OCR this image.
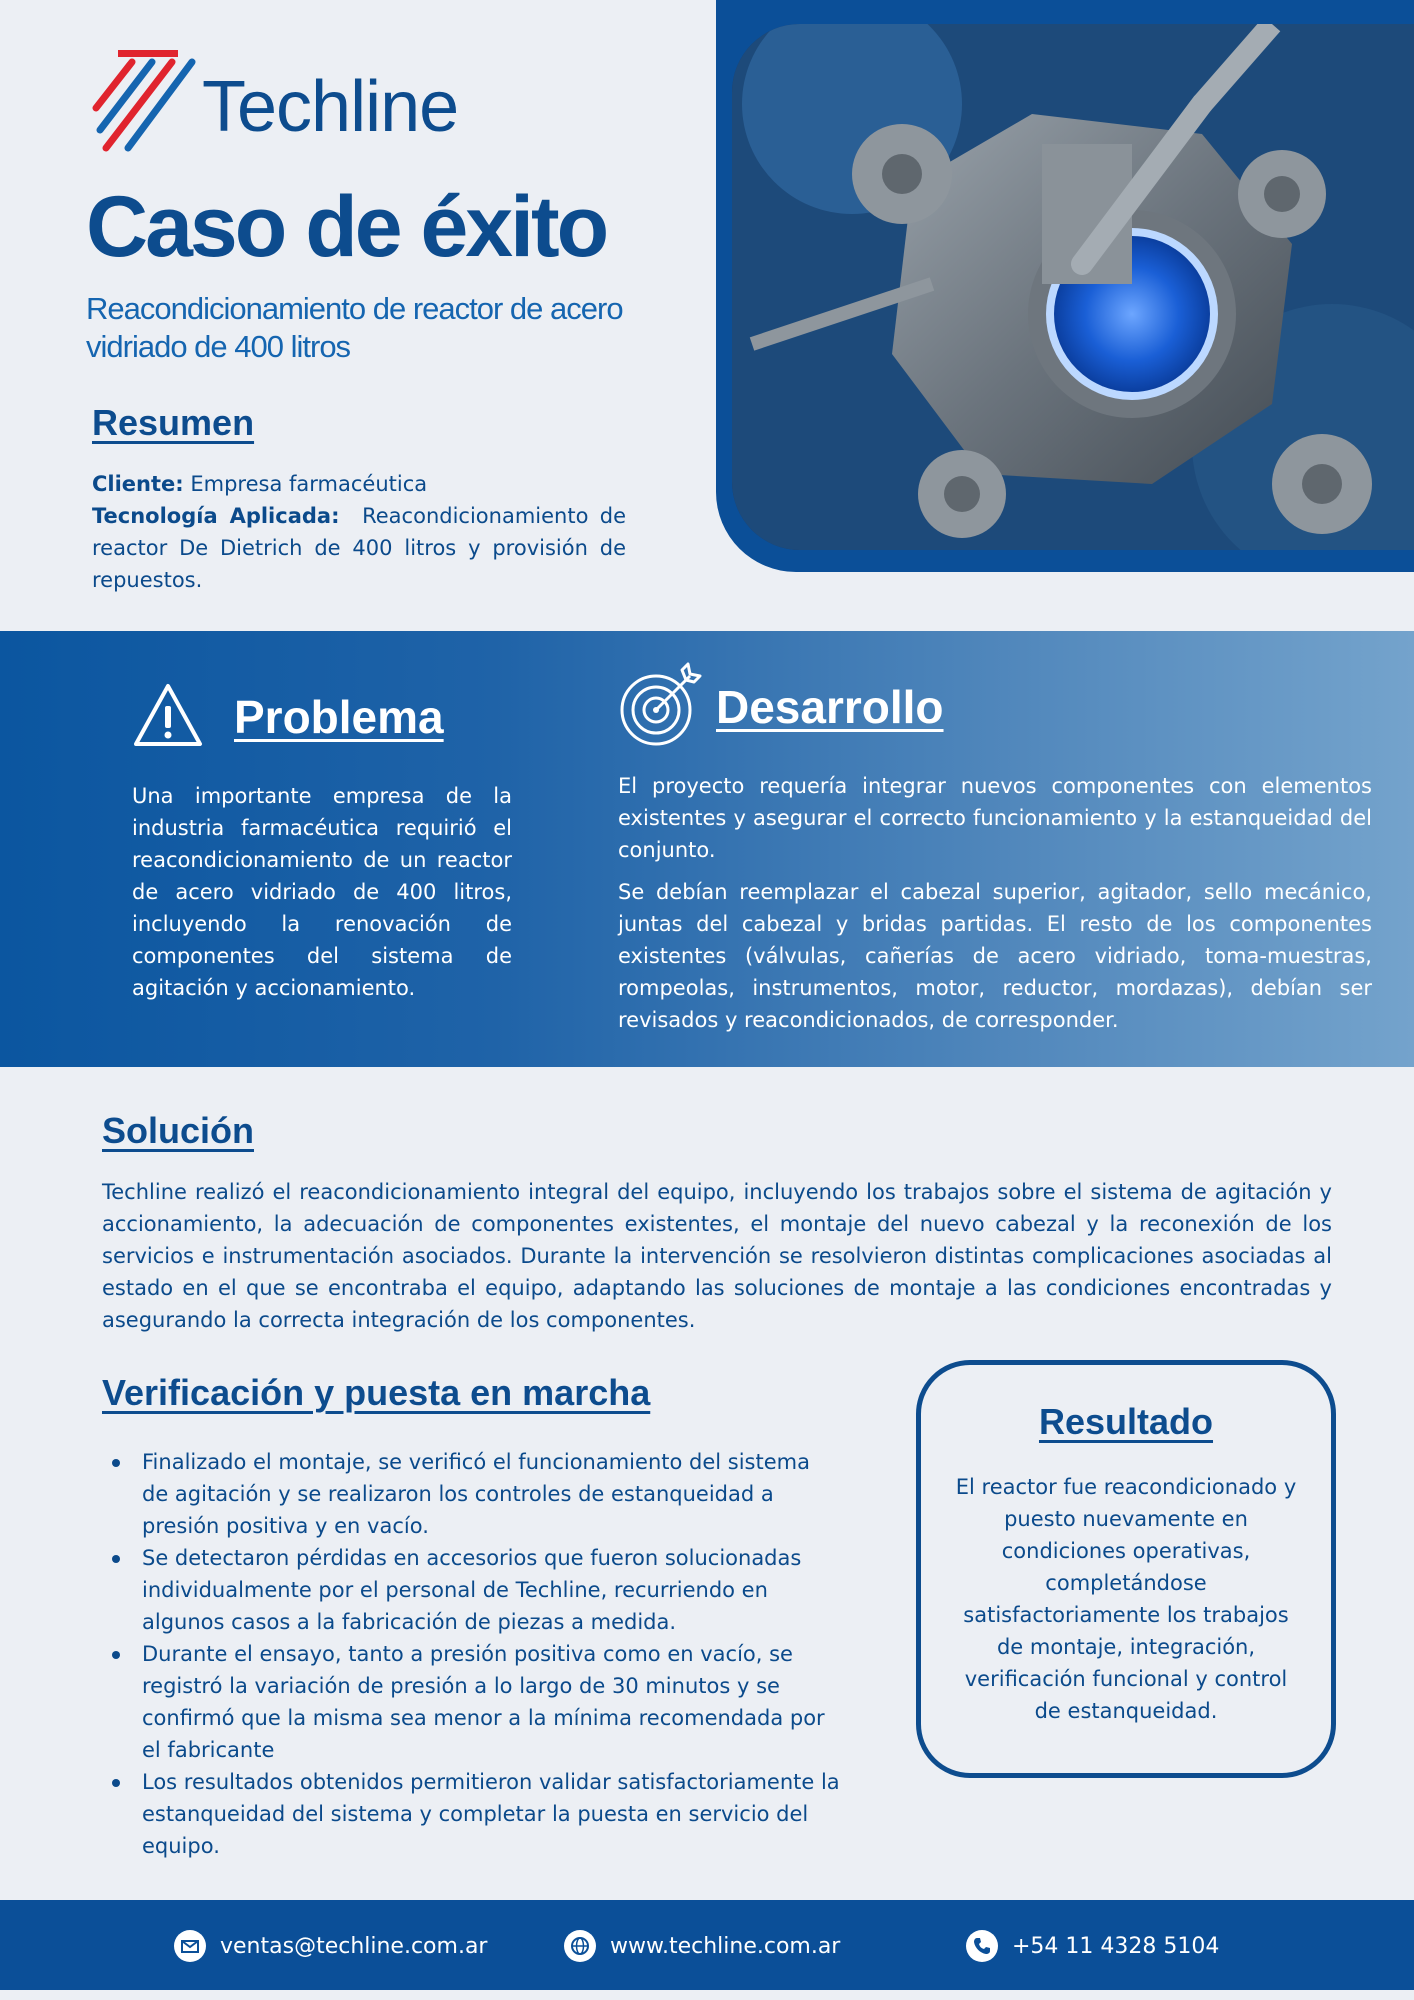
Techline
Caso de éxito
Reacondicionamiento de reactor de acero vidriado de 400 litros
Resumen
Cliente: Empresa farmacéutica
Tecnología Aplicada: Reacondicionamiento de reactor De Dietrich de 400 litros y provisión de repuestos.
Problema
Una importante empresa de la industria farmacéutica requirió el reacondicionamiento de un reactor de acero vidriado de 400 litros, incluyendo la renovación de componentes del sistema de agitación y accionamiento.
Desarrollo

El proyecto requería integrar nuevos componentes con elementos existentes y asegurar el correcto funcionamiento y la estanqueidad del conjunto.

Se debían reemplazar el cabezal superior, agitador, sello mecánico, juntas del cabezal y bridas partidas. El resto de los componentes existentes (válvulas, cañerías de acero vidriado, toma-muestras, rompeolas, instrumentos, motor, reductor, mordazas), debían ser revisados y reacondicionados, de corresponder.

Solución
Techline realizó el reacondicionamiento integral del equipo, incluyendo los trabajos sobre el sistema de agitación y accionamiento, la adecuación de componentes existentes, el montaje del nuevo cabezal y la reconexión de los servicios e instrumentación asociados. Durante la intervención se resolvieron distintas complicaciones asociadas al estado en el que se encontraba el equipo, adaptando las soluciones de montaje a las condiciones encontradas y asegurando la correcta integración de los componentes.
Verificación y puesta en marcha
Finalizado el montaje, se verificó el funcionamiento del sistema de agitación y se realizaron los controles de estanqueidad a presión positiva y en vacío.
Se detectaron pérdidas en accesorios que fueron solucionadas individualmente por el personal de Techline, recurriendo en algunos casos a la fabricación de piezas a medida.
Durante el ensayo, tanto a presión positiva como en vacío, se registró la variación de presión a lo largo de 30 minutos y se confirmó que la misma sea menor a la mínima recomendada por el fabricante
Los resultados obtenidos permitieron validar satisfactoriamente la estanqueidad del sistema y completar la puesta en servicio del equipo.
Resultado
El reactor fue reacondicionado y puesto nuevamente en condiciones operativas, completándose satisfactoriamente los trabajos de montaje, integración, verificación funcional y control de estanqueidad.
ventas@techline.com.ar	www.techline.com.ar	+54 11 4328 5104
